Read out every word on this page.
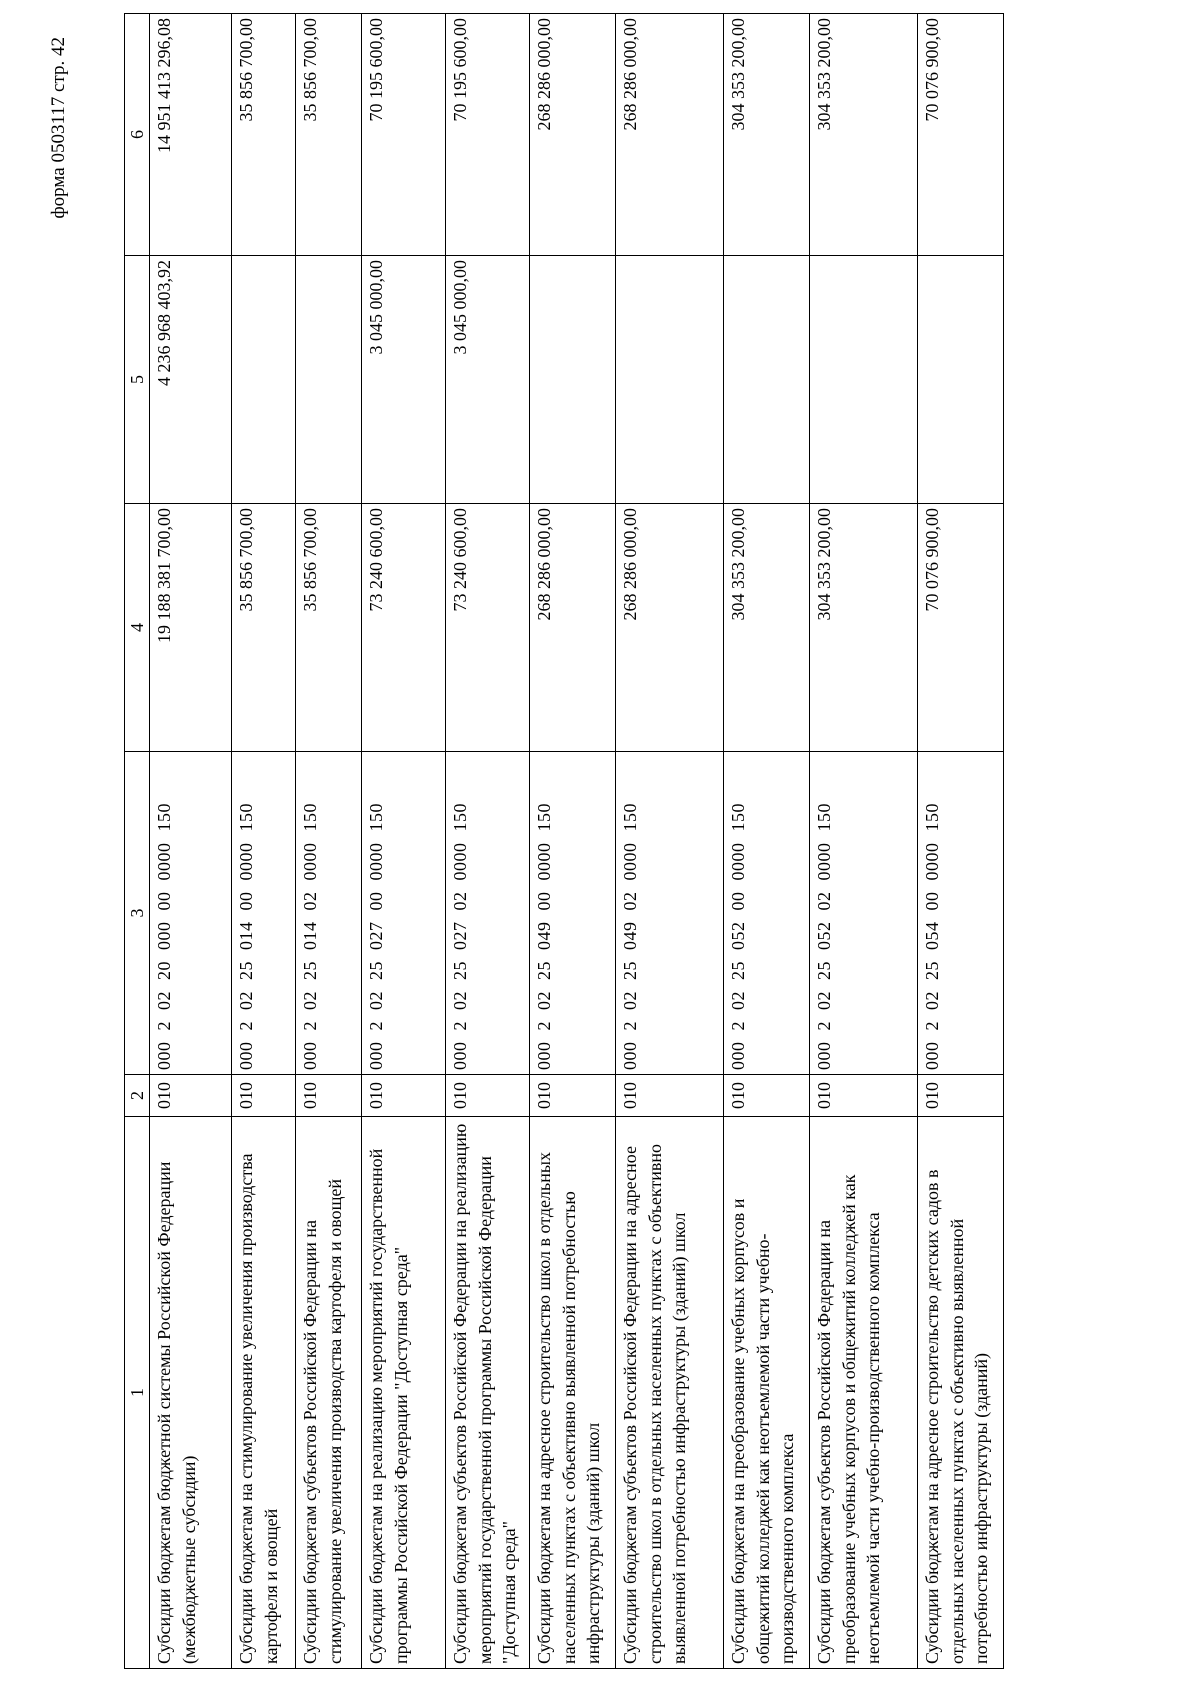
форма 0503117 стр. 42
1	2	3	4	5	6
Субсидии бюджетам бюджетной системы Российской Федерации (межбюджетные субсидии)	010	000 2 02 20 000 00 0000 150	19 188 381 700,00	4 236 968 403,92	14 951 413 296,08
Субсидии бюджетам на стимулирование увеличения производства картофеля и овощей	010	000 2 02 25 014 00 0000 150	35 856 700,00		35 856 700,00
Субсидии бюджетам субъектов Российской Федерации на стимулирование увеличения производства картофеля и овощей	010	000 2 02 25 014 02 0000 150	35 856 700,00		35 856 700,00
Субсидии бюджетам на реализацию мероприятий государственной программы Российской Федерации "Доступная среда"	010	000 2 02 25 027 00 0000 150	73 240 600,00	3 045 000,00	70 195 600,00
Субсидии бюджетам субъектов Российской Федерации на реализацию мероприятий государственной программы Российской Федерации "Доступная среда"	010	000 2 02 25 027 02 0000 150	73 240 600,00	3 045 000,00	70 195 600,00
Субсидии бюджетам на адресное строительство школ в отдельных населенных пунктах с объективно выявленной потребностью инфраструктуры (зданий) школ	010	000 2 02 25 049 00 0000 150	268 286 000,00		268 286 000,00
Субсидии бюджетам субъектов Российской Федерации на адресное строительство школ в отдельных населенных пунктах с объективно выявленной потребностью инфраструктуры (зданий) школ	010	000 2 02 25 049 02 0000 150	268 286 000,00		268 286 000,00
Субсидии бюджетам на преобразование учебных корпусов и общежитий колледжей как неотъемлемой части учебно-производственного комплекса	010	000 2 02 25 052 00 0000 150	304 353 200,00		304 353 200,00
Субсидии бюджетам субъектов Российской Федерации на преобразование учебных корпусов и общежитий колледжей как неотъемлемой части учебно-производственного комплекса	010	000 2 02 25 052 02 0000 150	304 353 200,00		304 353 200,00
Субсидии бюджетам на адресное строительство детских садов в отдельных населенных пунктах с объективно выявленной потребностью инфраструктуры (зданий)	010	000 2 02 25 054 00 0000 150	70 076 900,00		70 076 900,00
